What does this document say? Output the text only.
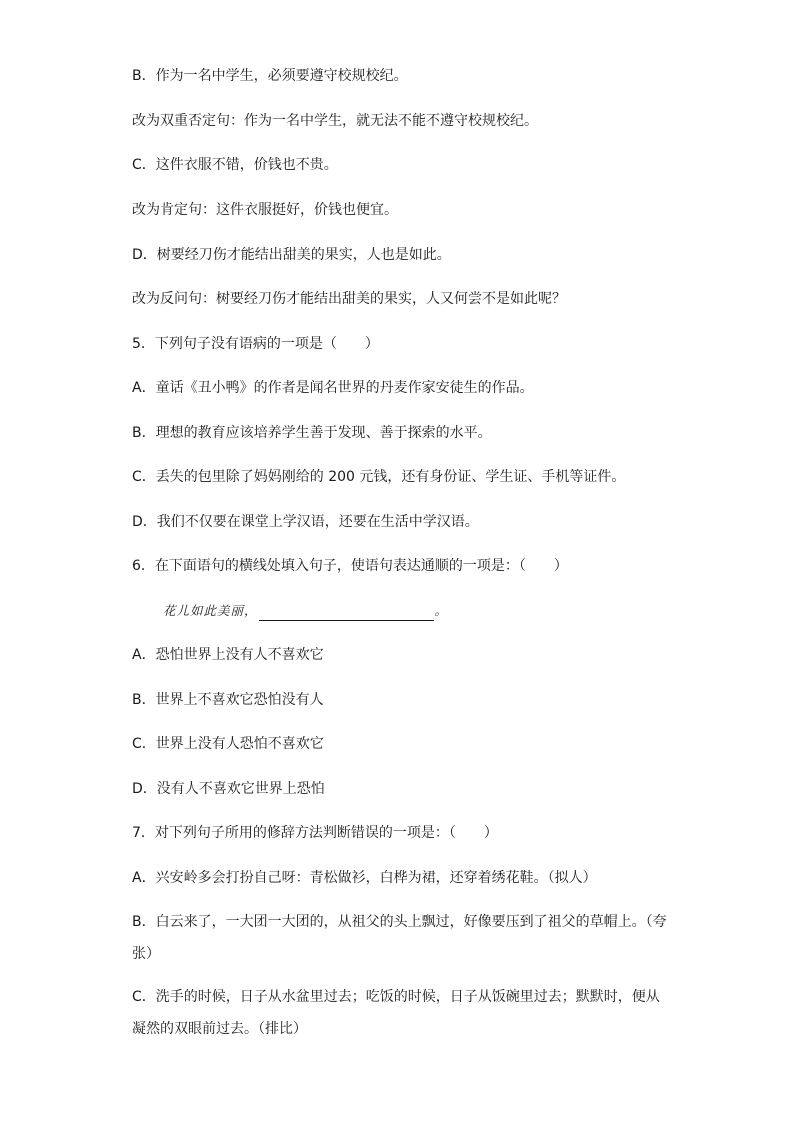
B．作为一名中学生，必须要遵守校规校纪。
改为双重否定句：作为一名中学生，就无法不能不遵守校规校纪。
C．这件衣服不错，价钱也不贵。
改为肯定句：这件衣服挺好，价钱也便宜。
D．树要经刀伤才能结出甜美的果实，人也是如此。
改为反问句：树要经刀伤才能结出甜美的果实，人又何尝不是如此呢？
5．下列句子没有语病的一项是（　　）
A．童话《丑小鸭》的作者是闻名世界的丹麦作家安徒生的作品。
B．理想的教育应该培养学生善于发现、善于探索的水平。
C．丢失的包里除了妈妈刚给的 200 元钱，还有身份证、学生证、手机等证件。
D．我们不仅要在课堂上学汉语，还要在生活中学汉语。
6．在下面语句的横线处填入句子，使语句表达通顺的一项是：（　　）
花儿如此美丽，	。
A．恐怕世界上没有人不喜欢它
B．世界上不喜欢它恐怕没有人
C．世界上没有人恐怕不喜欢它
D．没有人不喜欢它世界上恐怕
7．对下列句子所用的修辞方法判断错误的一项是：（　　）
A．兴安岭多会打扮自己呀：青松做衫，白桦为裙，还穿着绣花鞋。（拟人）
B．白云来了，一大团一大团的，从祖父的头上飘过，好像要压到了祖父的草帽上。（夸张）
C．洗手的时候，日子从水盆里过去；吃饭的时候，日子从饭碗里过去；默默时，便从凝然的双眼前过去。（排比）
